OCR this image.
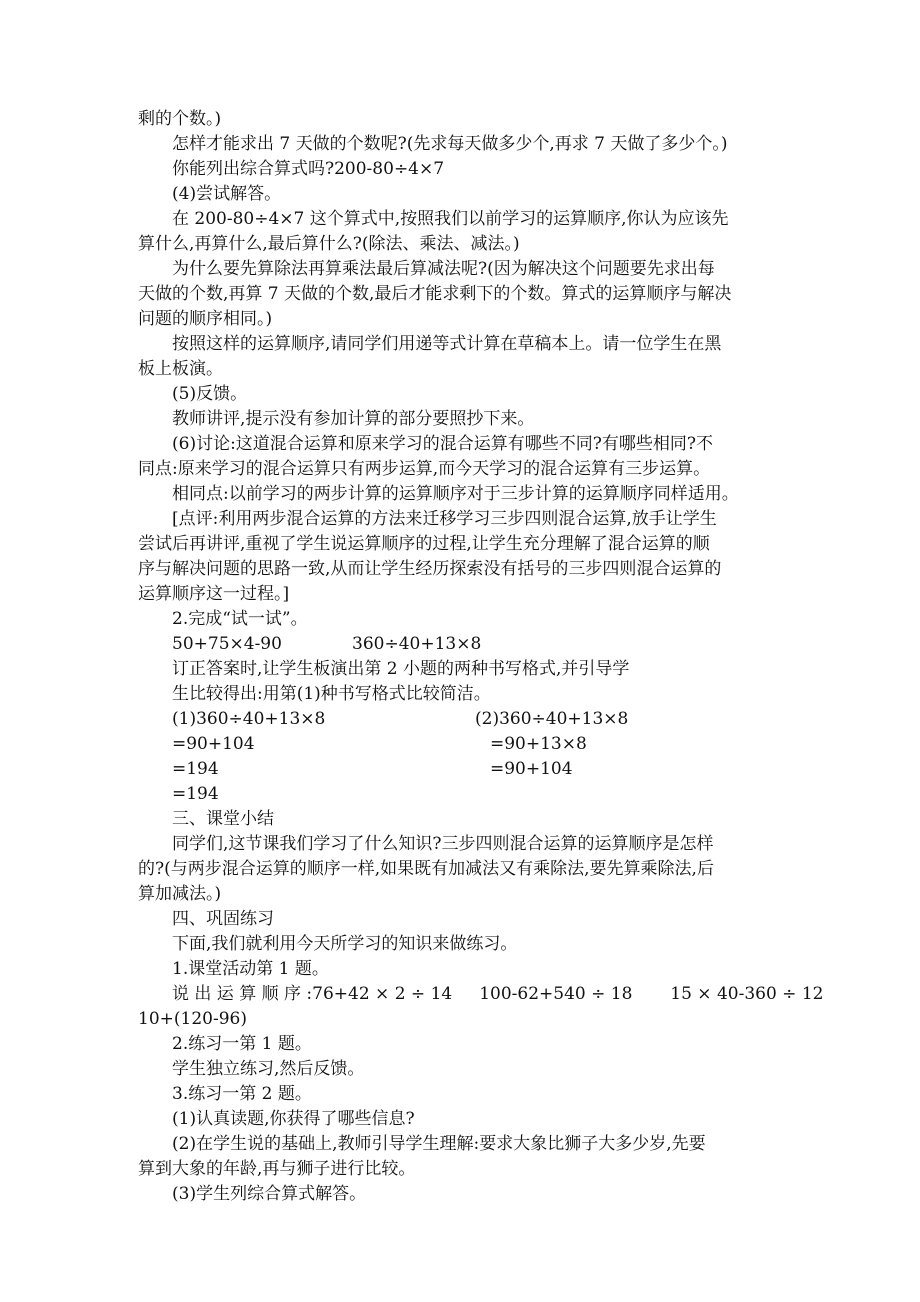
剩的个数。)
怎样才能求出 7 天做的个数呢?(先求每天做多少个,再求 7 天做了多少个。)
你能列出综合算式吗?200-80÷4×7
(4)尝试解答。
在 200-80÷4×7 这个算式中,按照我们以前学习的运算顺序,你认为应该先
算什么,再算什么,最后算什么?(除法、乘法、减法。)
为什么要先算除法再算乘法最后算减法呢?(因为解决这个问题要先求出每
天做的个数,再算 7 天做的个数,最后才能求剩下的个数。算式的运算顺序与解决
问题的顺序相同。)
按照这样的运算顺序,请同学们用递等式计算在草稿本上。请一位学生在黑
板上板演。
(5)反馈。
教师讲评,提示没有参加计算的部分要照抄下来。
(6)讨论:这道混合运算和原来学习的混合运算有哪些不同?有哪些相同?不
同点:原来学习的混合运算只有两步运算,而今天学习的混合运算有三步运算。
相同点:以前学习的两步计算的运算顺序对于三步计算的运算顺序同样适用。
[点评:利用两步混合运算的方法来迁移学习三步四则混合运算,放手让学生
尝试后再讲评,重视了学生说运算顺序的过程,让学生充分理解了混合运算的顺
序与解决问题的思路一致,从而让学生经历探索没有括号的三步四则混合运算的
运算顺序这一过程。]
2.完成“试一试”。
50+75×4-90	360÷40+13×8
订正答案时,让学生板演出第 2 小题的两种书写格式,并引导学
生比较得出:用第(1)种书写格式比较简洁。
(1)360÷40+13×8	(2)360÷40+13×8
=90+104	=90+13×8
=194	=90+104
=194
三、课堂小结
同学们,这节课我们学习了什么知识?三步四则混合运算的运算顺序是怎样
的?(与两步混合运算的顺序一样,如果既有加减法又有乘除法,要先算乘除法,后
算加减法。)
四、巩固练习
下面,我们就利用今天所学习的知识来做练习。
1.课堂活动第 1 题。
说 出 运 算 顺 序 :76+42 × 2 ÷ 14     100-62+540 ÷ 18       15 × 40-360 ÷ 12
10+(120-96)
2.练习一第 1 题。
学生独立练习,然后反馈。
3.练习一第 2 题。
(1)认真读题,你获得了哪些信息?
(2)在学生说的基础上,教师引导学生理解:要求大象比狮子大多少岁,先要
算到大象的年龄,再与狮子进行比较。
(3)学生列综合算式解答。
